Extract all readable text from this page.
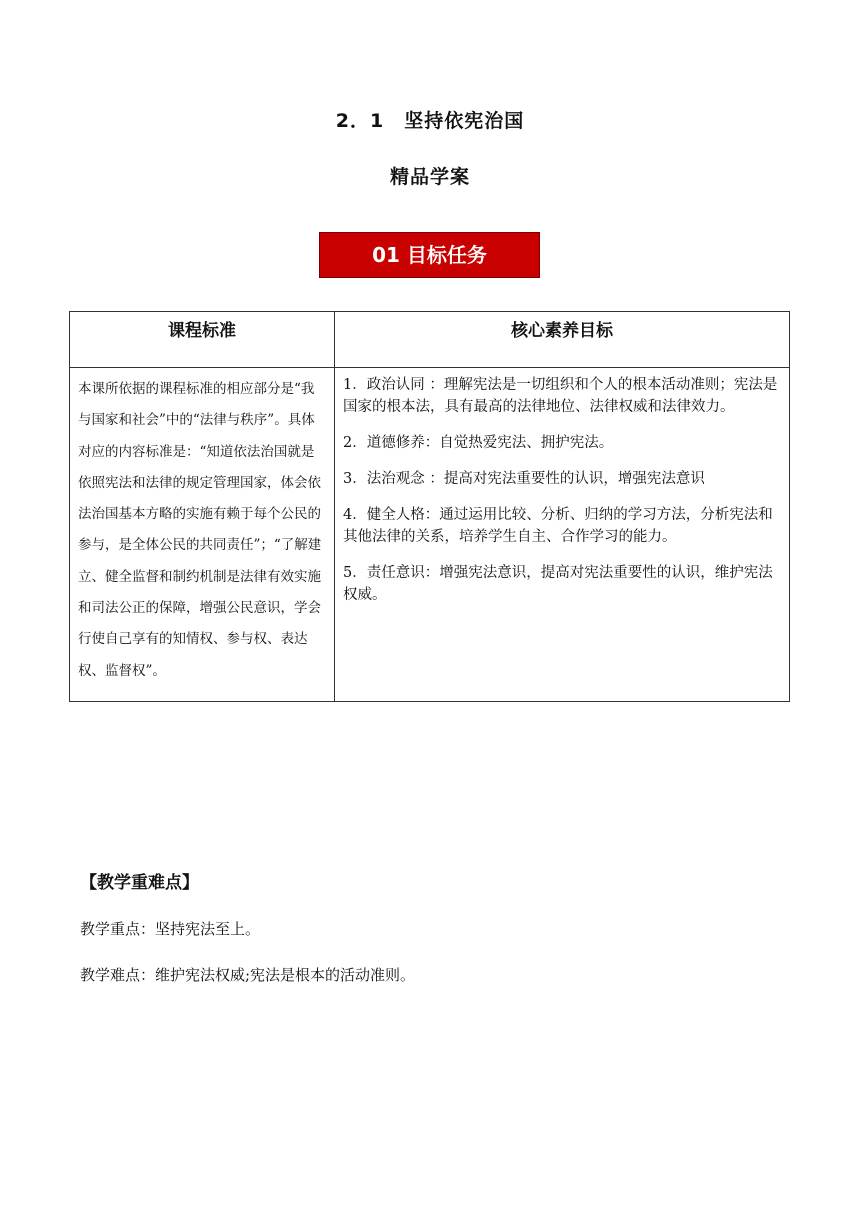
2．1　坚持依宪治国
精品学案
01 目标任务
课程标准	核心素养目标
本课所依据的课程标准的相应部分是“我与国家和社会”中的“法律与秩序”。具体对应的内容标准是：“知道依法治国就是依照宪法和法律的规定管理国家，体会依法治国基本方略的实施有赖于每个公民的参与，是全体公民的共同责任”；“了解建立、健全监督和制约机制是法律有效实施和司法公正的保障，增强公民意识，学会行使自己享有的知情权、参与权、表达权、监督权”。	1．政治认同 ：理解宪法是一切组织和个人的根本活动准则；宪法是国家的根本法，具有最高的法律地位、法律权威和法律效力。

2．道德修养：自觉热爱宪法、拥护宪法。

3．法治观念 ：提高对宪法重要性的认识，增强宪法意识

4．健全人格：通过运用比较、分析、归纳的学习方法，分析宪法和其他法律的关系，培养学生自主、合作学习的能力。

5．责任意识：增强宪法意识，提高对宪法重要性的认识，维护宪法权威。

【教学重难点】
教学重点：坚持宪法至上。
教学难点：维护宪法权威;宪法是根本的活动准则。
